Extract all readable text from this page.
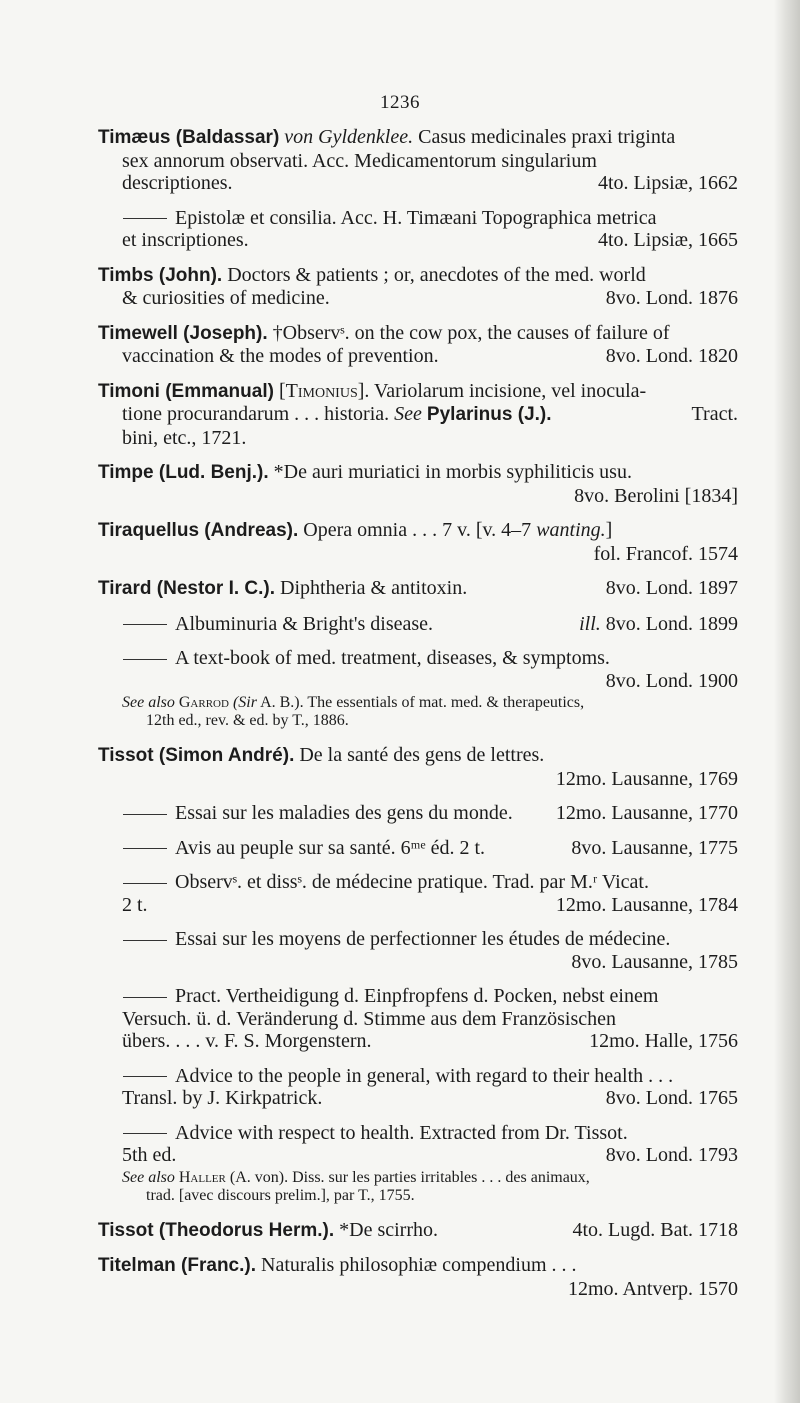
1236
Timæus (Baldassar) von Gyldenklee. Casus medicinales praxi triginta
sex annorum observati. Acc. Medicamentorum singularium
descriptiones.	4to. Lipsiæ, 1662
Epistolæ et consilia. Acc. H. Timæani Topographica metrica
et inscriptiones.	4to. Lipsiæ, 1665
Timbs (John). Doctors & patients ; or, anecdotes of the med. world
& curiosities of medicine.	8vo. Lond. 1876
Timewell (Joseph). †Observˢ. on the cow pox, the causes of failure of
vaccination & the modes of prevention.	8vo. Lond. 1820
Timoni (Emmanual) [Timonius]. Variolarum incisione, vel inocula-
tione procurandarum . . . historia. See Pylarinus (J.).	Tract.
bini, etc., 1721.
Timpe (Lud. Benj.). *De auri muriatici in morbis syphiliticis usu.
8vo. Berolini [1834]
Tiraquellus (Andreas). Opera omnia . . . 7 v. [v. 4–7 wanting.]
fol. Francof. 1574
Tirard (Nestor I. C.). Diphtheria & antitoxin.	8vo. Lond. 1897
Albuminuria & Bright's disease.	ill. 8vo. Lond. 1899
A text-book of med. treatment, diseases, & symptoms.
8vo. Lond. 1900
See also Garrod (Sir A. B.). The essentials of mat. med. & therapeutics,
12th ed., rev. & ed. by T., 1886.
Tissot (Simon André). De la santé des gens de lettres.
12mo. Lausanne, 1769
Essai sur les maladies des gens du monde. 12mo. Lausanne, 1770
Avis au peuple sur sa santé. 6ᵐᵉ éd. 2 t.	8vo. Lausanne, 1775
Observˢ. et dissˢ. de médecine pratique. Trad. par M.ʳ Vicat.
2 t.	12mo. Lausanne, 1784
Essai sur les moyens de perfectionner les études de médecine.
8vo. Lausanne, 1785
Pract. Vertheidigung d. Einpfropfens d. Pocken, nebst einem
Versuch. ü. d. Veränderung d. Stimme aus dem Französischen
übers. . . . v. F. S. Morgenstern.	12mo. Halle, 1756
Advice to the people in general, with regard to their health . . .
Transl. by J. Kirkpatrick.	8vo. Lond. 1765
Advice with respect to health. Extracted from Dr. Tissot.
5th ed.	8vo. Lond. 1793
See also Haller (A. von). Diss. sur les parties irritables . . . des animaux,
trad. [avec discours prelim.], par T., 1755.
Tissot (Theodorus Herm.). *De scirrho.	4to. Lugd. Bat. 1718
Titelman (Franc.). Naturalis philosophiæ compendium . . .
12mo. Antverp. 1570
